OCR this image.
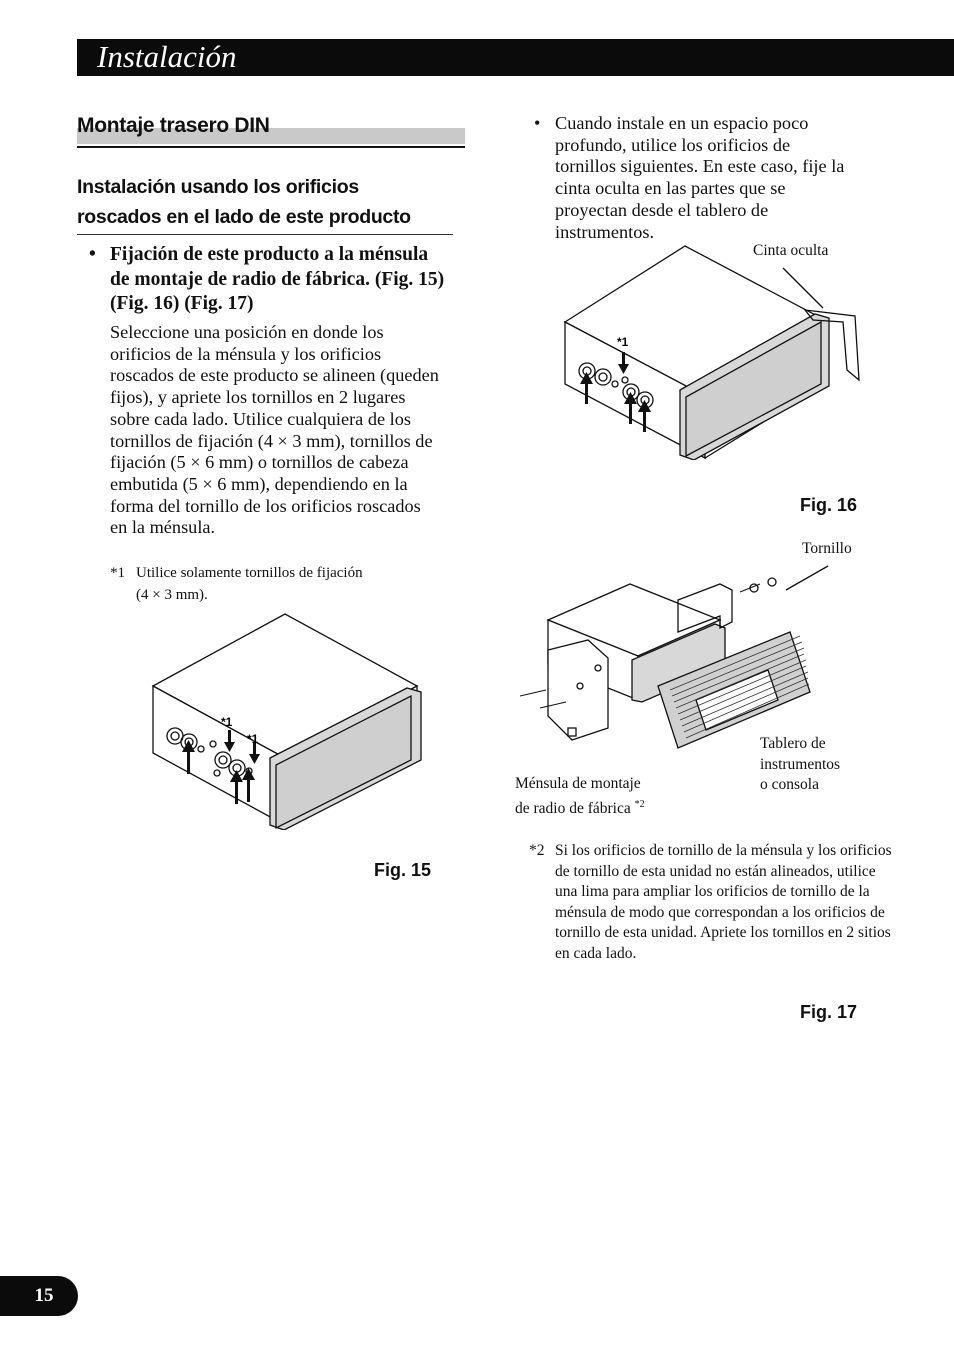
Instalación
Montaje trasero DIN
Instalación usando los orificios
roscados en el lado de este producto
• Fijación de este producto a la ménsula de montaje de radio de fábrica. (Fig. 15) (Fig. 16) (Fig. 17)
Seleccione una posición en donde los orificios de la ménsula y los orificios roscados de este producto se alineen (queden fijos), y apriete los tornillos en 2 lugares sobre cada lado. Utilice cualquiera de los tornillos de fijación (4 × 3 mm), tornillos de fijación (5 × 6 mm) o tornillos de cabeza embutida (5 × 6 mm), dependiendo en la forma del tornillo de los orificios roscados en la ménsula.
*1 Utilice solamente tornillos de fijación
(4 × 3 mm).
*1
*1
Fig. 15
• Cuando instale en un espacio poco profundo, utilice los orificios de tornillos siguientes. En este caso, fije la cinta oculta en las partes que se proyectan desde el tablero de instrumentos.
Cinta oculta
*1
Fig. 16
Tornillo
Tablero de
instrumentos
o consola
Ménsula de montaje
de radio de fábrica $^{*2}$
*2 Si los orificios de tornillo de la ménsula y los orificios de tornillo de esta unidad no están alineados, utilice una lima para ampliar los orificios de tornillo de la ménsula de modo que correspondan a los orificios de tornillo de esta unidad. Apriete los tornillos en 2 sitios en cada lado.
Fig. 17
15
